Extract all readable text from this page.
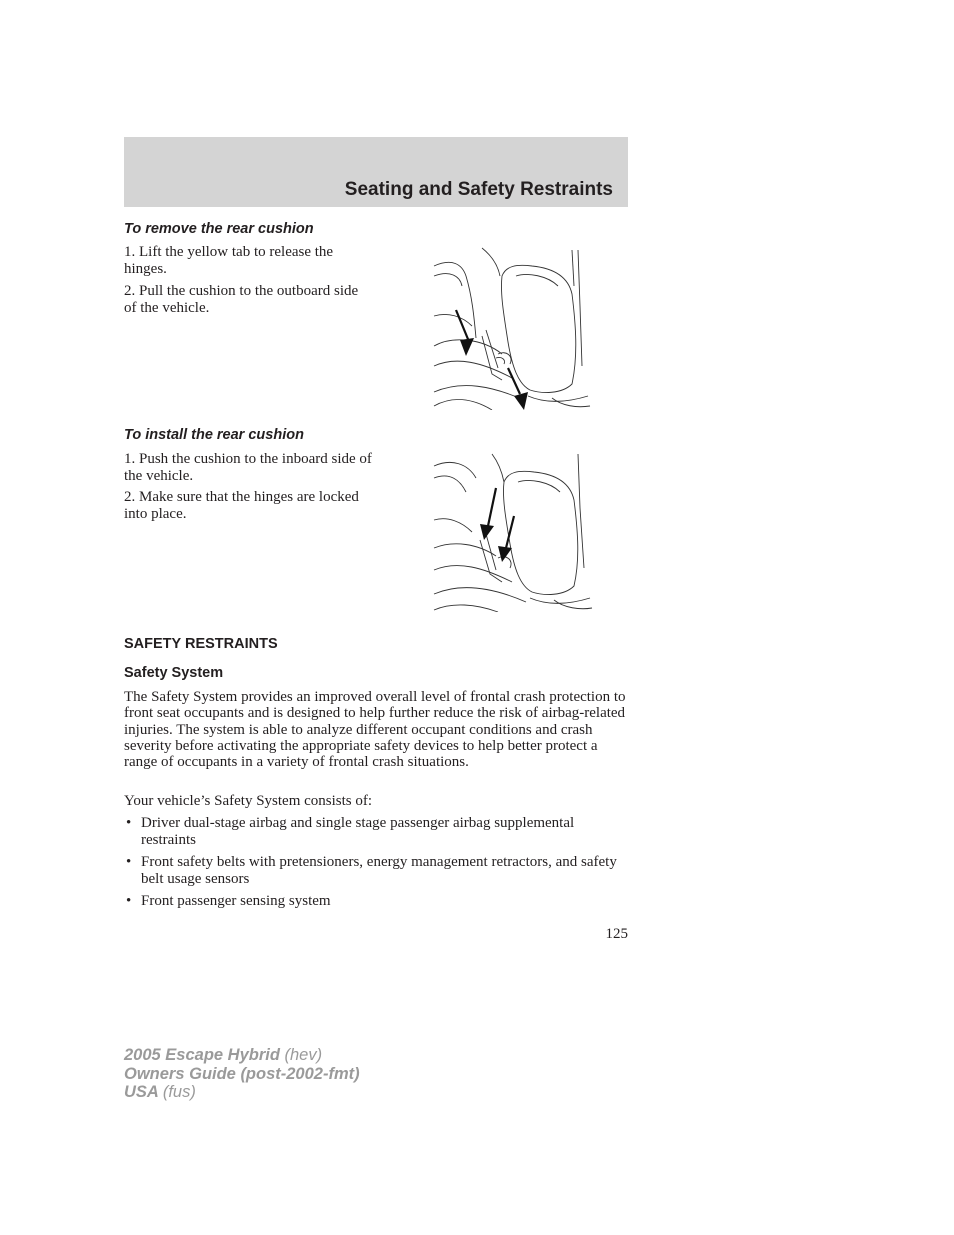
Seating and Safety Restraints
To remove the rear cushion
1. Lift the yellow tab to release the hinges.
2. Pull the cushion to the outboard side of the vehicle.
To install the rear cushion
1. Push the cushion to the inboard side of the vehicle.
2. Make sure that the hinges are locked into place.
SAFETY RESTRAINTS
Safety System
The Safety System provides an improved overall level of frontal crash protection to front seat occupants and is designed to help further reduce the risk of airbag-related injuries. The system is able to analyze different occupant conditions and crash severity before activating the appropriate safety devices to help better protect a range of occupants in a variety of frontal crash situations.
Your vehicle’s Safety System consists of:
• Driver dual-stage airbag and single stage passenger airbag supplemental restraints
• Front safety belts with pretensioners, energy management retractors, and safety belt usage sensors
• Front passenger sensing system
125
2005 Escape Hybrid (hev)
Owners Guide (post-2002-fmt)
USA (fus)
